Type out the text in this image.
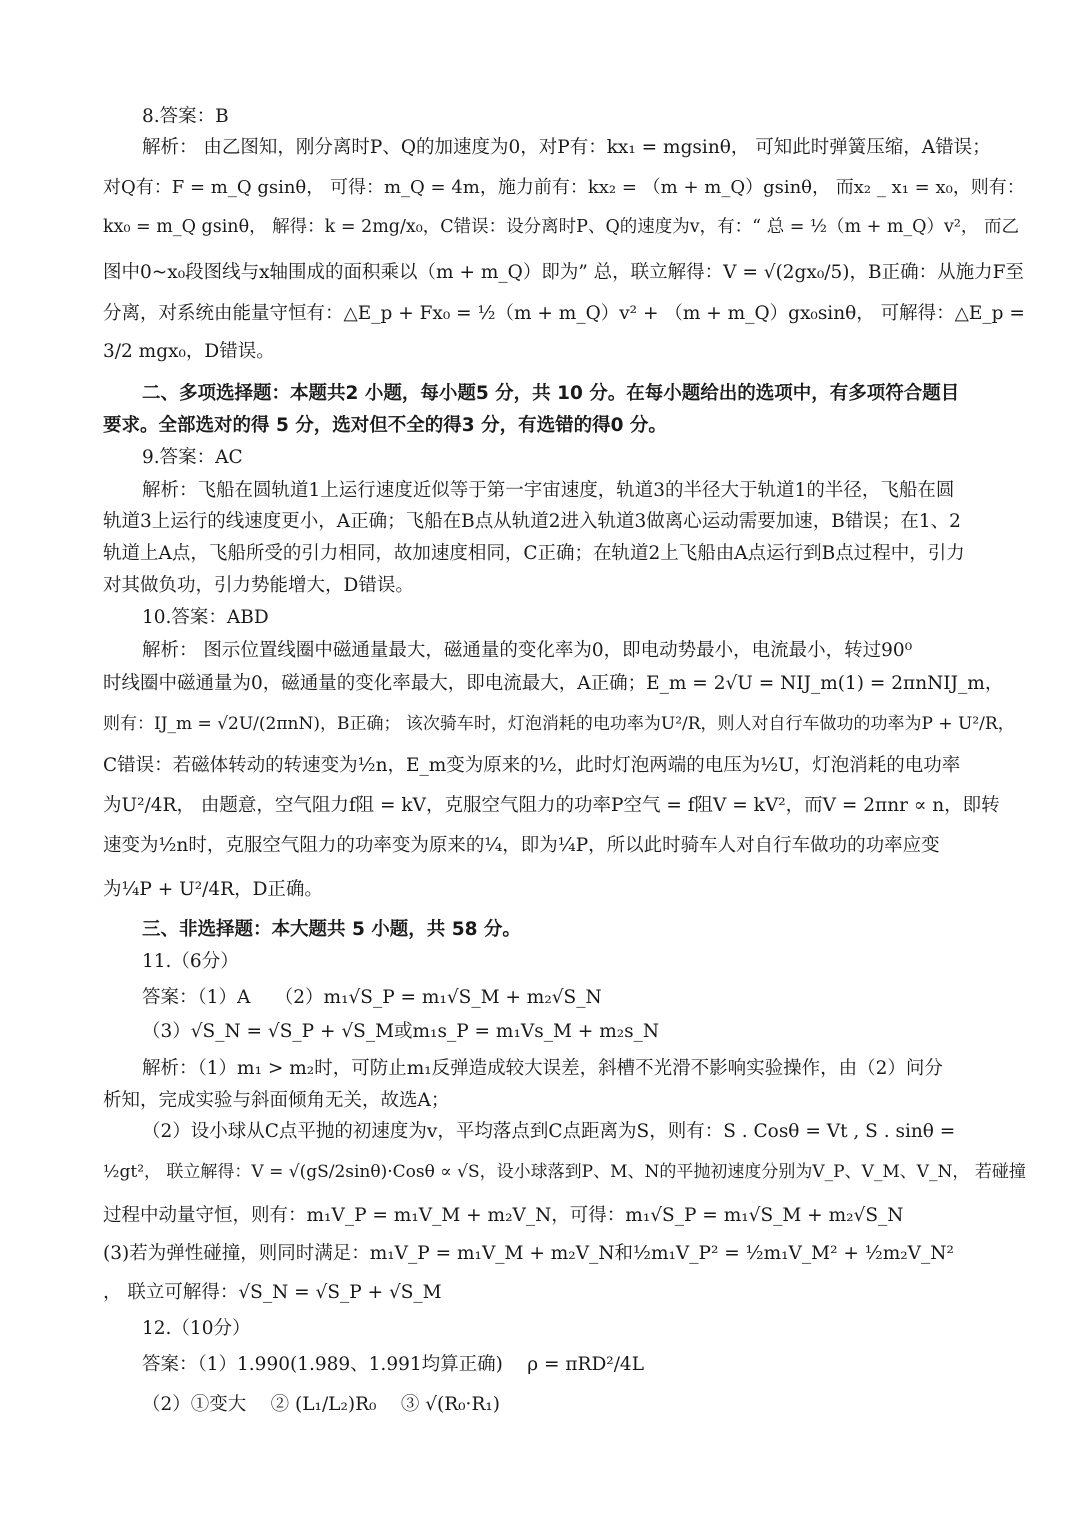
8.答案：B
解析： 由乙图知，刚分离时P、Q的加速度为0，对P有：kx₁ = mgsinθ， 可知此时弹簧压缩，A错误；
对Q有：F = m_Q gsinθ， 可得：m_Q = 4m，施力前有：kx₂ = （m + m_Q）gsinθ， 而x₂ _ x₁ = x₀，则有：
kx₀ = m_Q gsinθ， 解得：k = 2mg/x₀，C错误：设分离时P、Q的速度为v，有：“ 总 = ½（m + m_Q）v²， 而乙
图中0~x₀段图线与x轴围成的面积乘以（m + m_Q）即为” 总，联立解得：V = √(2gx₀/5)，B正确：从施力F至
分离，对系统由能量守恒有：△E_p + Fx₀ = ½（m + m_Q）v² + （m + m_Q）gx₀sinθ， 可解得：△E_p =
3/2 mgx₀，D错误。
二、多项选择题：本题共2 小题，每小题5 分，共 10 分。在每小题给出的选项中，有多项符合题目
要求。全部选对的得 5 分，选对但不全的得3 分，有选错的得0 分。
9.答案：AC
解析：飞船在圆轨道1上运行速度近似等于第一宇宙速度，轨道3的半径大于轨道1的半径，飞船在圆
轨道3上运行的线速度更小，A正确；飞船在B点从轨道2进入轨道3做离心运动需要加速，B错误；在1、2
轨道上A点，飞船所受的引力相同，故加速度相同，C正确；在轨道2上飞船由A点运行到B点过程中，引力
对其做负功，引力势能增大，D错误。
10.答案：ABD
解析： 图示位置线圈中磁通量最大，磁通量的变化率为0，即电动势最小，电流最小，转过90⁰
时线圈中磁通量为0，磁通量的变化率最大，即电流最大，A正确；E_m = 2√U = NIJ_m(1) = 2πnNIJ_m，
则有：IJ_m = √2U/(2πnN)，B正确； 该次骑车时，灯泡消耗的电功率为U²/R，则人对自行车做功的功率为P + U²/R，
C错误：若磁体转动的转速变为½n，E_m变为原来的½，此时灯泡两端的电压为½U，灯泡消耗的电功率
为U²/4R， 由题意，空气阻力f阻 = kV，克服空气阻力的功率P空气 = f阻V = kV²，而V = 2πnr ∝ n，即转
速变为½n时，克服空气阻力的功率变为原来的¼，即为¼P，所以此时骑车人对自行车做功的功率应变
为¼P + U²/4R，D正确。
三、非选择题：本大题共 5 小题，共 58 分。
11.（6分）
答案：（1）A　 （2）m₁√S_P = m₁√S_M + m₂√S_N
（3）√S_N = √S_P + √S_M或m₁s_P = m₁Vs_M + m₂s_N
解析：（1）m₁ > m₂时，可防止m₁反弹造成较大误差，斜槽不光滑不影响实验操作，由（2）问分
析知，完成实验与斜面倾角无关，故选A；
（2）设小球从C点平抛的初速度为v，平均落点到C点距离为S，则有：S . Cosθ = Vt , S . sinθ =
½gt²， 联立解得：V = √(gS/2sinθ)·Cosθ ∝ √S，设小球落到P、M、N的平抛初速度分别为V_P、V_M、V_N， 若碰撞
过程中动量守恒，则有：m₁V_P = m₁V_M + m₂V_N，可得：m₁√S_P = m₁√S_M + m₂√S_N
(3)若为弹性碰撞，则同时满足：m₁V_P = m₁V_M + m₂V_N和½m₁V_P² = ½m₁V_M² + ½m₂V_N²
， 联立可解得：√S_N = √S_P + √S_M
12.（10分）
答案：（1）1.990(1.989、1.991均算正确)　 ρ = πRD²/4L
（2）①变大　 ② (L₁/L₂)R₀　 ③ √(R₀·R₁)
